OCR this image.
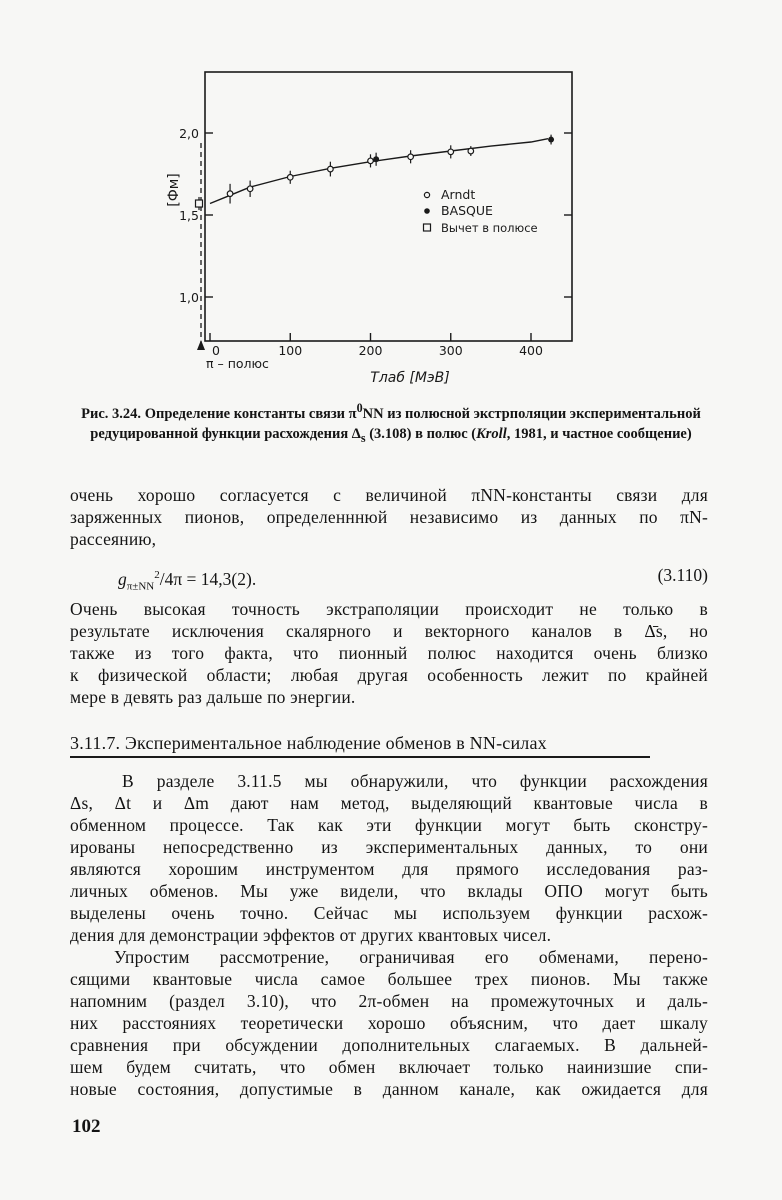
0	100	200	300	400
1,0
1,5
2,0
Arndt
BASQUE
Вычет в полюсе
[Фм]
Тлаб [МэВ]
π – полюс
Рис. 3.24. Определение константы связи $\pi^0NN$ из полюсной экстрполяции экспериментальной редуцированной функции расхождения $\Delta_s$ (3.108) в полюс (Kroll, 1981, и частное сообщение)
очень хорошо согласуется с величиной πNN-константы связи для
заряженных пионов, определенннюй независимо из данных по πN-
рассеянию,
$g_{\pi\pm NN}^2/4\pi = 14,3(2)$.	(3.110)
Очень высокая точность экстраполяции происходит не только в
результате исключения скалярного и векторного каналов в Δ̄s, но
также из того факта, что пионный полюс находится очень близко
к физической области; любая другая особенность лежит по крайней
мере в девять раз дальше по энергии.
3.11.7. Экспериментальное наблюдение обменов в NN-силах
В разделе 3.11.5 мы обнаружили, что функции расхождения
Δs, Δt и Δm дают нам метод, выделяющий квантовые числа в
обменном процессе. Так как эти функции могут быть сконстру-
ированы непосредственно из экспериментальных данных, то они
являются хорошим инструментом для прямого исследования раз-
личных обменов. Мы уже видели, что вклады ОПО могут быть
выделены очень точно. Сейчас мы используем функции расхож-
дения для демонстрации эффектов от других квантовых чисел.
Упростим рассмотрение, ограничивая его обменами, перено-
сящими квантовые числа самое большее трех пионов. Мы также
напомним (раздел 3.10), что 2π-обмен на промежуточных и даль-
них расстояниях теоретически хорошо объясним, что дает шкалу
сравнения при обсуждении дополнительных слагаемых. В дальней-
шем будем считать, что обмен включает только наинизшие спи-
новые состояния, допустимые в данном канале, как ожидается для
102
